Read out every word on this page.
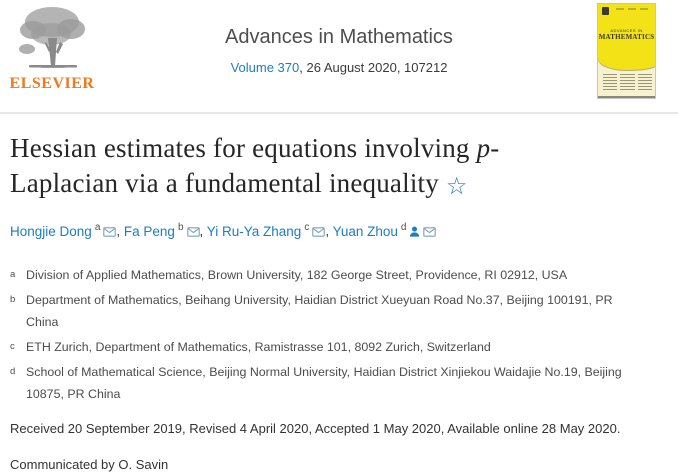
ELSEVIER
Advances in Mathematics
Volume 370, 26 August 2020, 107212
ADVANCES IN
MATHEMATICS
Hessian estimates for equations involving p-Laplacian via a fundamental inequality ☆
Hongjie Dong $^a$ , Fa Peng $^b$ , Yi Ru-Ya Zhang $^c$ , Yuan Zhou $^d$
a Division of Applied Mathematics, Brown University, 182 George Street, Providence, RI 02912, USA
b Department of Mathematics, Beihang University, Haidian District Xueyuan Road No.37, Beijing 100191, PR China
c ETH Zurich, Department of Mathematics, Ramistrasse 101, 8092 Zurich, Switzerland
d School of Mathematical Science, Beijing Normal University, Haidian District Xinjiekou Waidajie No.19, Beijing 10875, PR China

Received 20 September 2019, Revised 4 April 2020, Accepted 1 May 2020, Available online 28 May 2020.

Communicated by O. Savin
